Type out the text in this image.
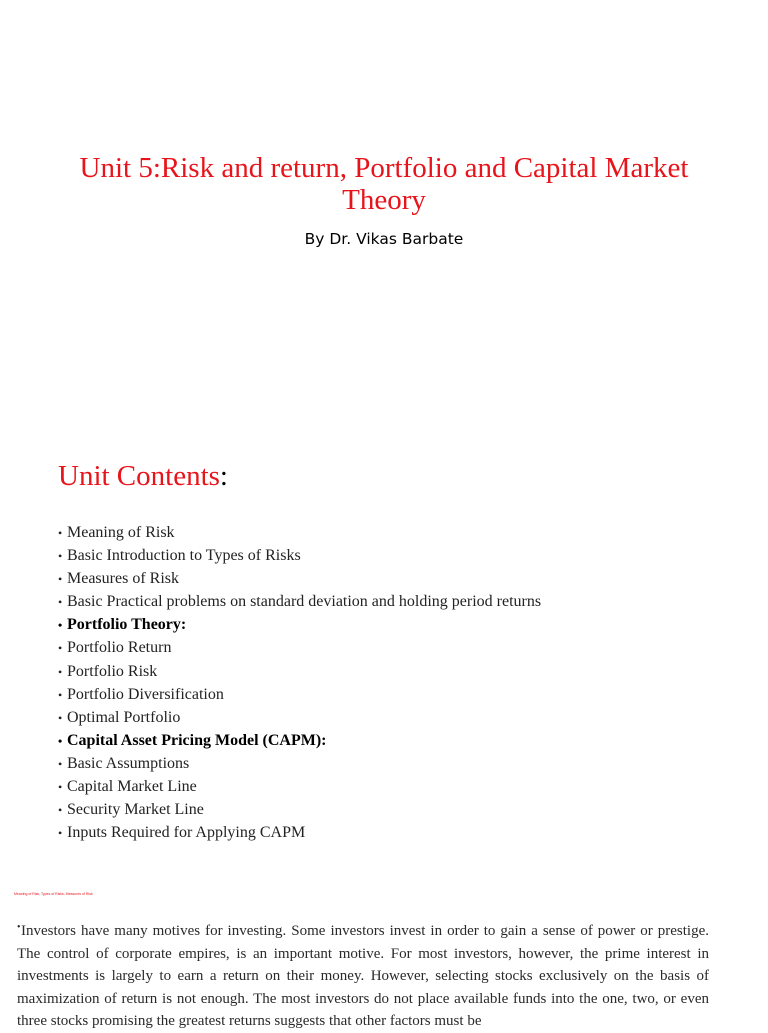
Unit 5:Risk and return, Portfolio and Capital Market Theory
By Dr. Vikas Barbate
Unit Contents:
• Meaning of Risk
• Basic Introduction to Types of Risks
• Measures of Risk
• Basic Practical problems on standard deviation and holding period returns
• Portfolio Theory:
• Portfolio Return
• Portfolio Risk
• Portfolio Diversification
• Optimal Portfolio
• Capital Asset Pricing Model (CAPM):
• Basic Assumptions
• Capital Market Line
• Security Market Line
• Inputs Required for Applying CAPM
Meaning of Risk, Types of Risks, Measures of Risk

•Investors have many motives for investing. Some investors invest in order to gain a sense of power or prestige. The control of corporate empires, is an important motive. For most investors, however, the prime interest in investments is largely to earn a return on their money. However, selecting stocks exclusively on the basis of maximization of return is not enough. The most investors do not place available funds into the one, two, or even three stocks promising the greatest returns suggests that other factors must be
